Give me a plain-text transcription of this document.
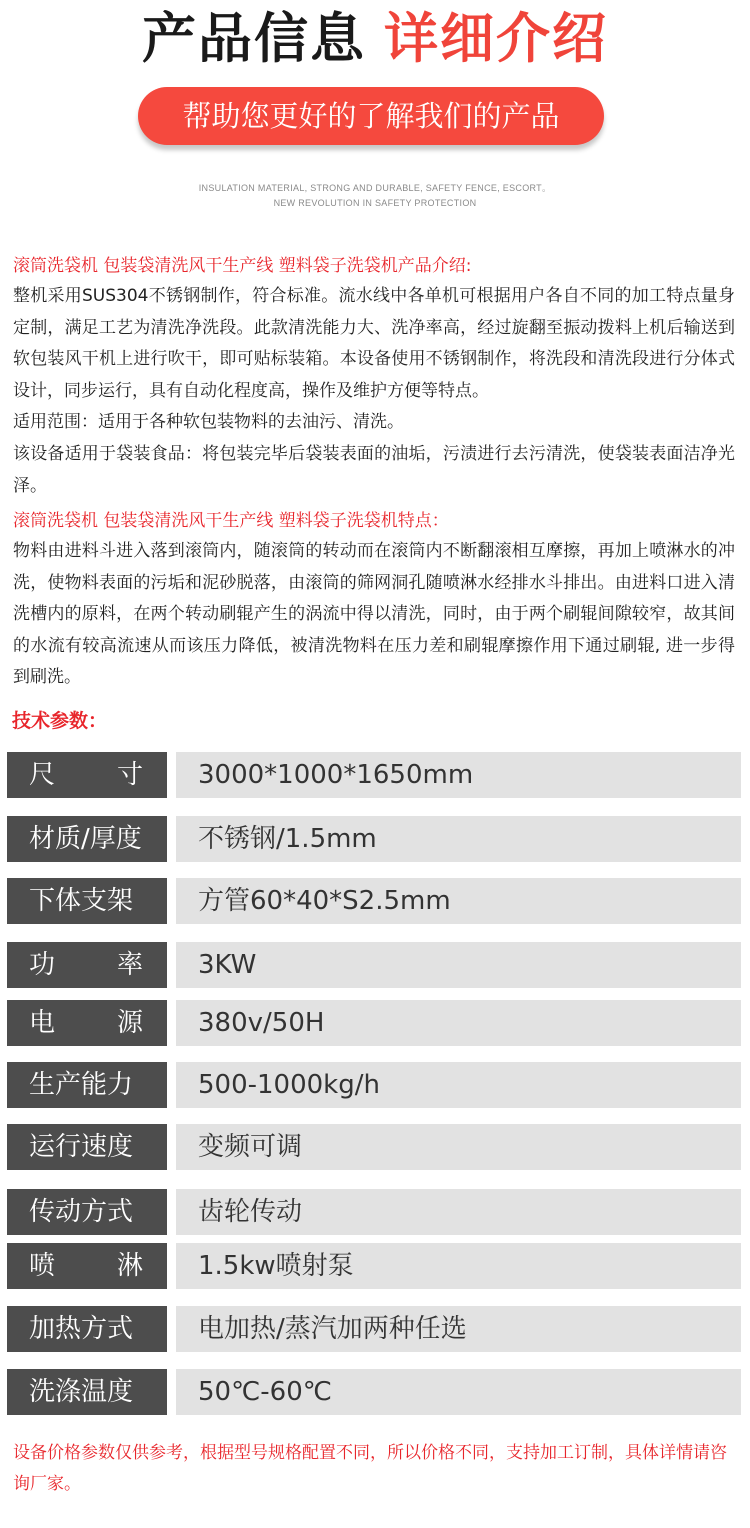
产品信息 详细介绍
帮助您更好的了解我们的产品
INSULATION MATERIAL, STRONG AND DURABLE, SAFETY FENCE, ESCORT。
NEW REVOLUTION IN SAFETY PROTECTION
滚筒洗袋机 包装袋清洗风干生产线 塑料袋子洗袋机产品介绍:
整机采用SUS304不锈钢制作，符合标准。流水线中各单机可根据用户各自不同的加工特点量身定制，满足工艺为清洗净洗段。此款清洗能力大、洗净率高，经过旋翻至振动拨料上机后输送到软包装风干机上进行吹干，即可贴标装箱。本设备使用不锈钢制作，将洗段和清洗段进行分体式设计，同步运行，具有自动化程度高，操作及维护方便等特点。
适用范围：适用于各种软包装物料的去油污、清洗。
该设备适用于袋装食品：将包装完毕后袋装表面的油垢，污渍进行去污清洗，使袋装表面洁净光泽。
滚筒洗袋机 包装袋清洗风干生产线 塑料袋子洗袋机特点：
物料由进料斗进入落到滚筒内，随滚筒的转动而在滚筒内不断翻滚相互摩擦，再加上喷淋水的冲洗，使物料表面的污垢和泥砂脱落，由滚筒的筛网洞孔随喷淋水经排水斗排出。由进料口进入清洗槽内的原料，在两个转动刷辊产生的涡流中得以清洗，同时，由于两个刷辊间隙较窄，故其间的水流有较高流速从而该压力降低，被清洗物料在压力差和刷辊摩擦作用下通过刷辊, 进一步得到刷洗。
技术参数：
尺 寸	3000*1000*1650mm
材质/厚度	不锈钢/1.5mm
下体支架	方管60*40*S2.5mm
功 率	3KW
电 源	380v/50H
生产能力	500-1000kg/h
运行速度	变频可调
传动方式	齿轮传动
喷 淋	1.5kw喷射泵
加热方式	电加热/蒸汽加两种任选
洗涤温度	50℃-60℃
设备价格参数仅供参考，根据型号规格配置不同，所以价格不同，支持加工订制，具体详情请咨询厂家。
